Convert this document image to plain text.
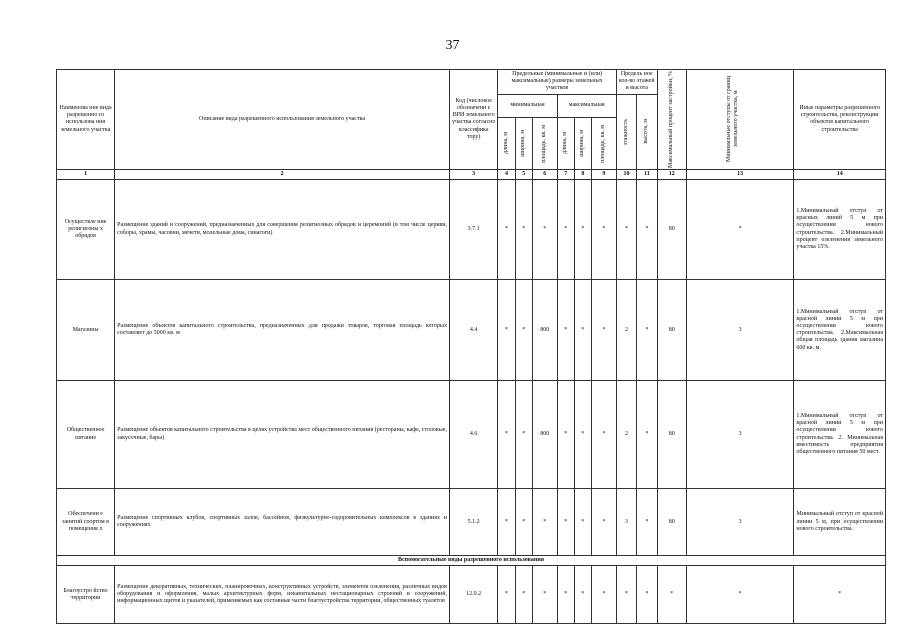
37
Наименова ние вида разрешенно го использова ния земельного участка	Описание вида разрешенного использования земельного участка	Код (числовое обозначени е ВРИ земельного участка согласно классифика тору)	Предельные (минимальные и (или) максимальные) размеры земельных участков						Предель ное кол-во этажей и высота		Максимальный процент застройки, %	Минимальные отступы от границ земельного участка, м	Иные параметры разрешенного строительства, реконструкции объектов капитального строительства
			минимальная			максимальная			этажность	высота, м			

			длина, м	ширина, м	площадь, кв. м	длина, м	ширина, м	площадь, кв. м					

1	2	3	4	5	6	7	8	9	10	11	12	13	14
Осуществле ние религиозны х обрядов	Размещение зданий и сооружений, предназначенных для совершения религиозных обрядов и церемоний (в том числе церкви, соборы, храмы, часовни, мечети, молельные дома, синагоги)	3.7.1	*	*	*	*	*	*	*	*	80	*	1.Минимальный отступ от красных линий 5 м при осуществлении нового строительства. 2.Минимальный процент озеленения земельного участка 15%.
Магазины	Размещение объектов капитального строительства, предназначенных для продажи товаров, торговая площадь которых составляет до 5000 кв. м	4.4	*	*	800	*	*	*	2	*	80	3	1.Минимальный отступ от красной линии 5 м при осуществлении нового строительства. 2.Максимальная общая площадь здания магазина 600 кв. м.
Общественное питание	Размещение объектов капитального строительства в целях устройства мест общественного питания (рестораны, кафе, столовые, закусочные, бары)	4.6	*	*	800	*	*	*	2	*	80	3	1.Минимальный отступ от красной линии 5 м при осуществлении нового строительства. 2. Минимальная вместимость предприятия общественного питания 50 мест.
Обеспечени е занятий спортом в помещения х	Размещение спортивных клубов, спортивных залов, бассейнов, физкультурно-оздоровительных комплексов в зданиях и сооружениях	5.1.2	*	*	*	*	*	*	3	*	80	3	Минимальный отступ от красной линии 5 м, при осуществлении нового строительства.
Вспомогательные виды разрешенного использования													
Благоустро йство территории	Размещение декоративных, технических, планировочных, конструктивных устройств, элементов озеленения, различных видов оборудования и оформления, малых архитектурных форм, некапитальных нестационарных строений и сооружений, информационных щитов и указателей, применяемых как составные части благоустройства территории, общественных туалетов	12.0.2	*	*	*	*	*	*	*	*	*	*	*
